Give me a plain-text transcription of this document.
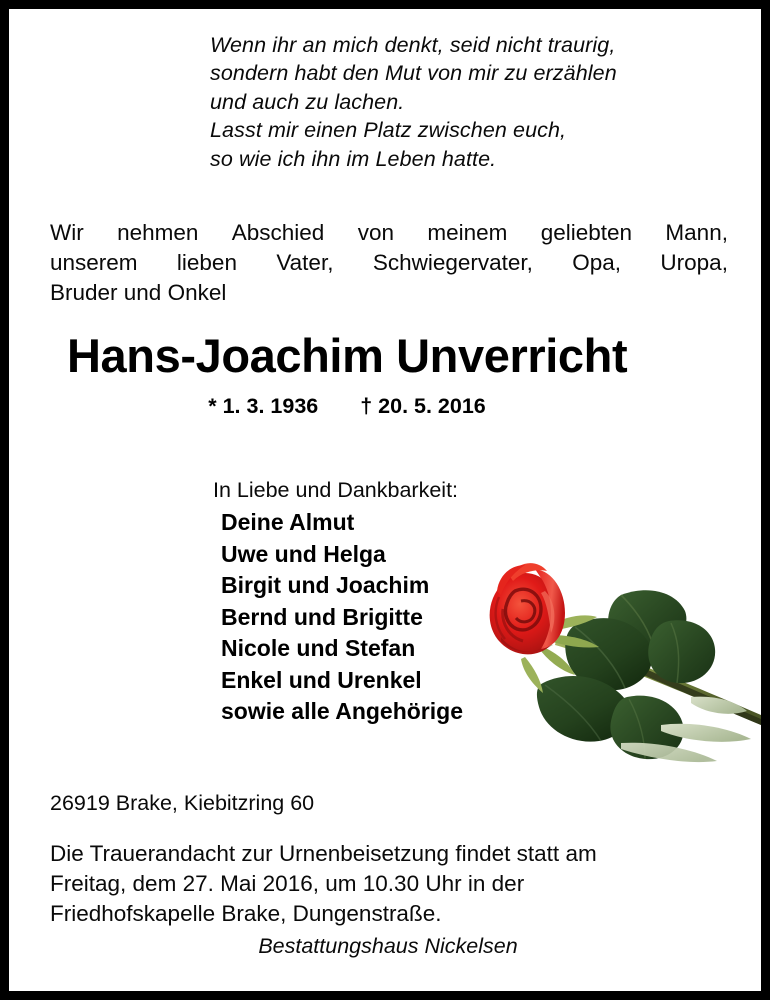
Wenn ihr an mich denkt, seid nicht traurig,
sondern habt den Mut von mir zu erzählen
und auch zu lachen.
Lasst mir einen Platz zwischen euch,
so wie ich ihn im Leben hatte.
Wir nehmen Abschied von meinem geliebten Mann,
unserem lieben Vater, Schwiegervater, Opa, Uropa,
Bruder und Onkel
Hans-Joachim Unverricht
* 1. 3. 1936 † 20. 5. 2016
In Liebe und Dankbarkeit:
Deine Almut
Uwe und Helga
Birgit und Joachim
Bernd und Brigitte
Nicole und Stefan
Enkel und Urenkel
sowie alle Angehörige
26919 Brake, Kiebitzring 60
Die Trauerandacht zur Urnenbeisetzung findet statt am
Freitag, dem 27. Mai 2016, um 10.30 Uhr in der
Friedhofskapelle Brake, Dungenstraße.
Bestattungshaus Nickelsen
